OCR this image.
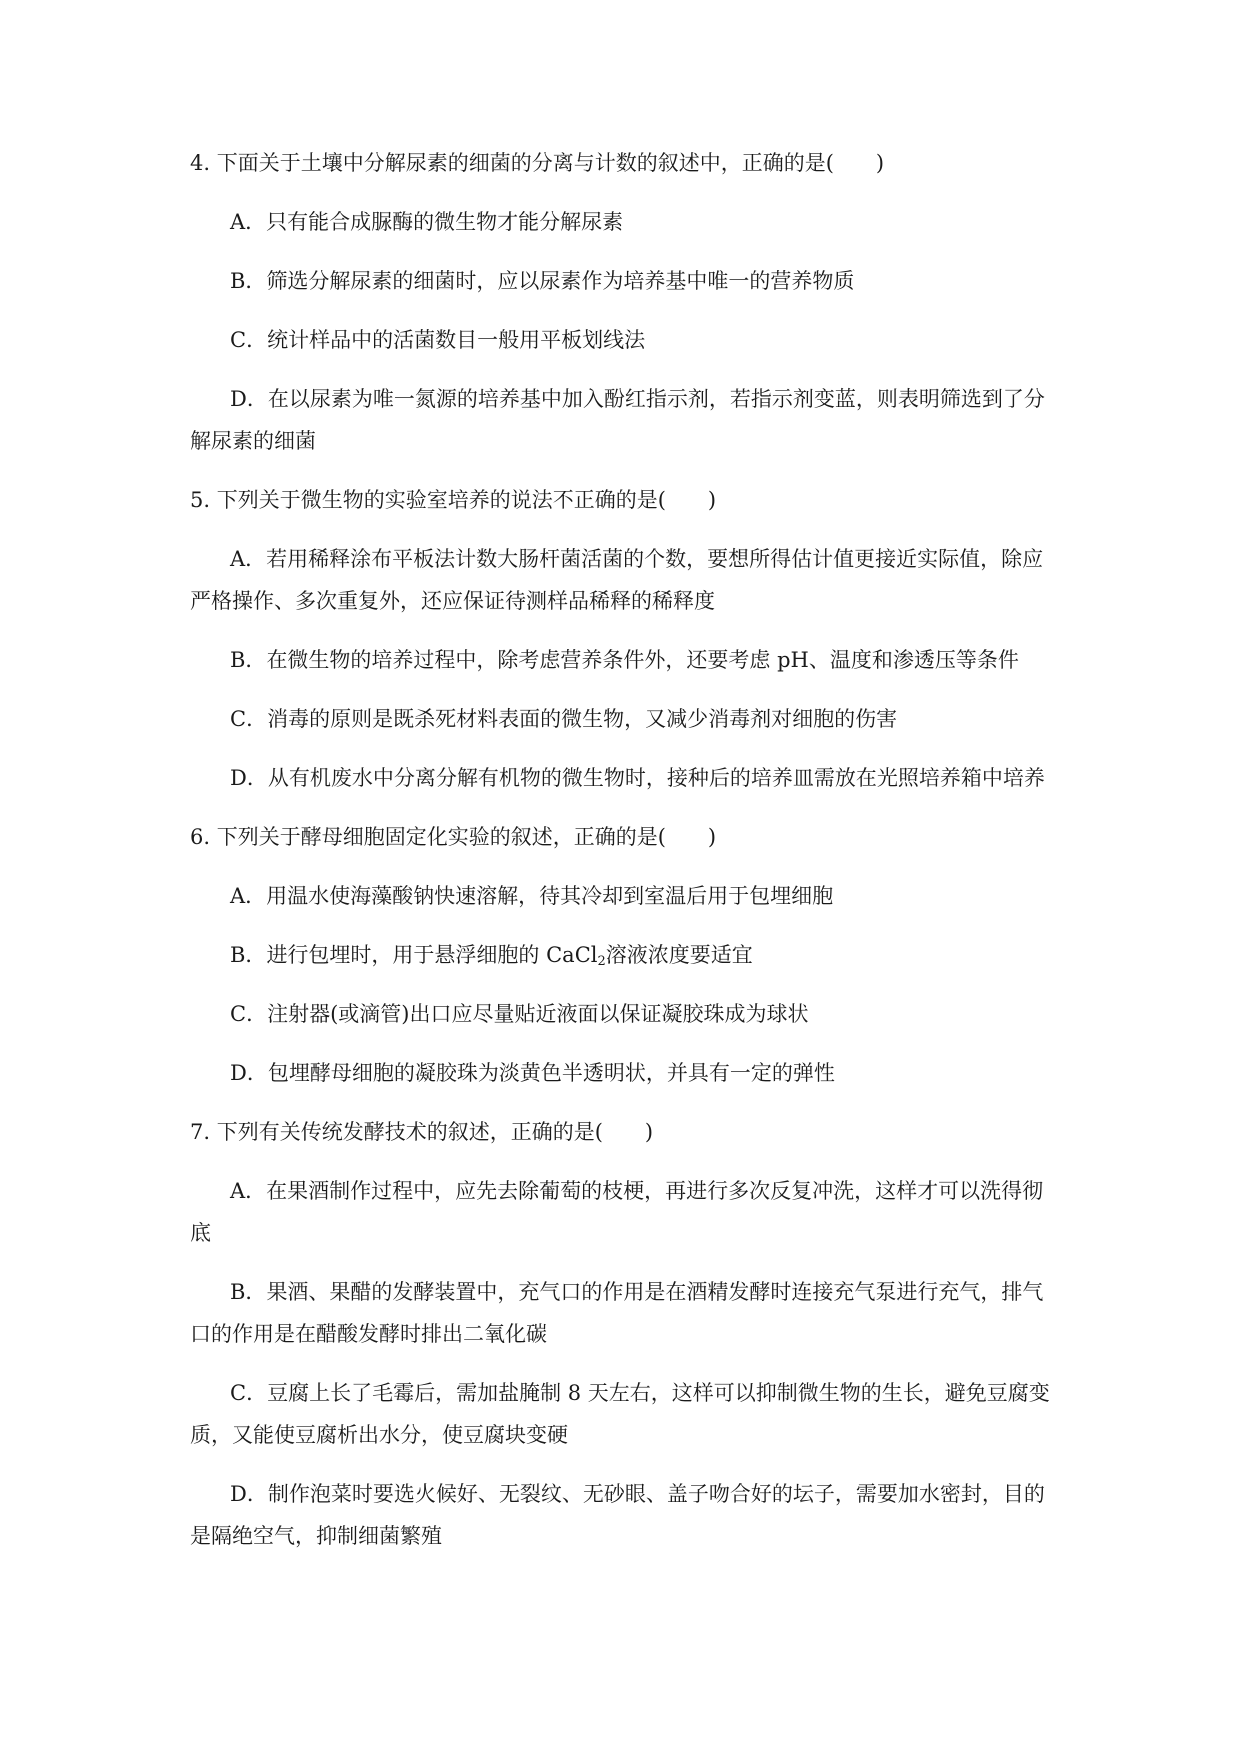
4. 下面关于土壤中分解尿素的细菌的分离与计数的叙述中，正确的是(　　)
A．只有能合成脲酶的微生物才能分解尿素
B．筛选分解尿素的细菌时，应以尿素作为培养基中唯一的营养物质
C．统计样品中的活菌数目一般用平板划线法
D．在以尿素为唯一氮源的培养基中加入酚红指示剂，若指示剂变蓝，则表明筛选到了分解尿素的细菌
5. 下列关于微生物的实验室培养的说法不正确的是(　　)
A．若用稀释涂布平板法计数大肠杆菌活菌的个数，要想所得估计值更接近实际值，除应严格操作、多次重复外，还应保证待测样品稀释的稀释度
B．在微生物的培养过程中，除考虑营养条件外，还要考虑 pH、温度和渗透压等条件
C．消毒的原则是既杀死材料表面的微生物，又减少消毒剂对细胞的伤害
D．从有机废水中分离分解有机物的微生物时，接种后的培养皿需放在光照培养箱中培养
6. 下列关于酵母细胞固定化实验的叙述，正确的是(　　)
A．用温水使海藻酸钠快速溶解，待其冷却到室温后用于包埋细胞
B．进行包埋时，用于悬浮细胞的 CaCl$_2$溶液浓度要适宜
C．注射器(或滴管)出口应尽量贴近液面以保证凝胶珠成为球状
D．包埋酵母细胞的凝胶珠为淡黄色半透明状，并具有一定的弹性
7. 下列有关传统发酵技术的叙述，正确的是(　　)
A．在果酒制作过程中，应先去除葡萄的枝梗，再进行多次反复冲洗，这样才可以洗得彻底
B．果酒、果醋的发酵装置中，充气口的作用是在酒精发酵时连接充气泵进行充气，排气口的作用是在醋酸发酵时排出二氧化碳
C．豆腐上长了毛霉后，需加盐腌制 8 天左右，这样可以抑制微生物的生长，避免豆腐变质，又能使豆腐析出水分，使豆腐块变硬
D．制作泡菜时要选火候好、无裂纹、无砂眼、盖子吻合好的坛子，需要加水密封，目的是隔绝空气，抑制细菌繁殖
